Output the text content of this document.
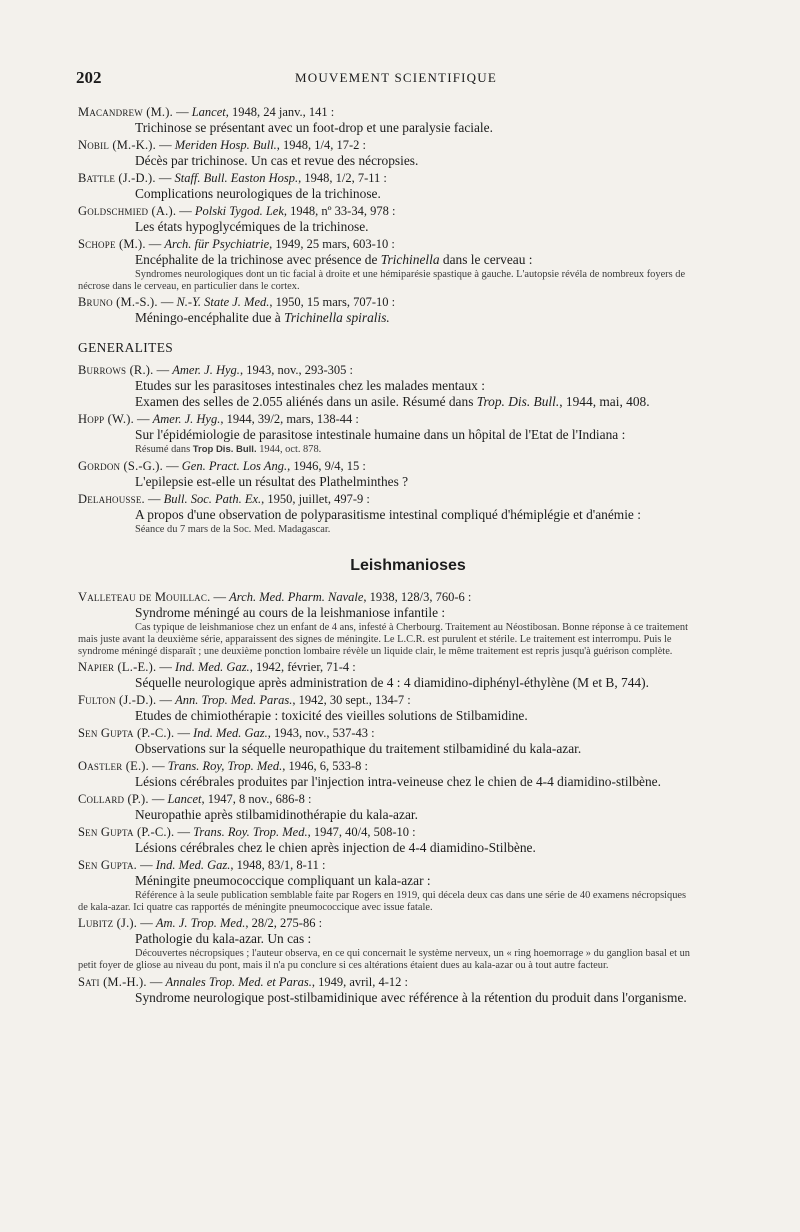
202	MOUVEMENT SCIENTIFIQUE
Macandrew (M.). — Lancet, 1948, 24 janv., 141 :

Trichinose se présentant avec un foot-drop et une paralysie faciale.

Nobil (M.-K.). — Meriden Hosp. Bull., 1948, 1/4, 17-2 :

Décès par trichinose. Un cas et revue des nécropsies.

Battle (J.-D.). — Staff. Bull. Easton Hosp., 1948, 1/2, 7-11 :

Complications neurologiques de la trichinose.

Goldschmied (A.). — Polski Tygod. Lek, 1948, nº 33-34, 978 :

Les états hypoglycémiques de la trichinose.

Schope (M.). — Arch. für Psychiatrie, 1949, 25 mars, 603-10 :

Encéphalite de la trichinose avec présence de Trichinella dans le cerveau :

Syndromes neurologiques dont un tic facial à droite et une hémiparésie spastique à gauche. L'autopsie révéla de nombreux foyers de nécrose dans le cerveau, en particulier dans le cortex.

Bruno (M.-S.). — N.-Y. State J. Med., 1950, 15 mars, 707-10 :

Méningo-encéphalite due à Trichinella spiralis.

GENERALITES
Burrows (R.). — Amer. J. Hyg., 1943, nov., 293-305 :

Etudes sur les parasitoses intestinales chez les malades mentaux :

Examen des selles de 2.055 aliénés dans un asile. Résumé dans Trop. Dis. Bull., 1944, mai, 408.

Hopp (W.). — Amer. J. Hyg., 1944, 39/2, mars, 138-44 :

Sur l'épidémiologie de parasitose intestinale humaine dans un hôpital de l'Etat de l'Indiana :

Résumé dans Trop Dis. Bull. 1944, oct. 878.

Gordon (S.-G.). — Gen. Pract. Los Ang., 1946, 9/4, 15 :

L'epilepsie est-elle un résultat des Plathelminthes ?

Delahousse. — Bull. Soc. Path. Ex., 1950, juillet, 497-9 :

A propos d'une observation de polyparasitisme intestinal compliqué d'hémiplégie et d'anémie :

Séance du 7 mars de la Soc. Med. Madagascar.

Leishmanioses
Valleteau de Mouillac. — Arch. Med. Pharm. Navale, 1938, 128/3, 760-6 :

Syndrome méningé au cours de la leishmaniose infantile :

Cas typique de leishmaniose chez un enfant de 4 ans, infesté à Cherbourg. Traitement au Néostibosan. Bonne réponse à ce traitement mais juste avant la deuxième série, apparaissent des signes de méningite. Le L.C.R. est purulent et stérile. Le traitement est interrompu. Puis le syndrome méningé disparaît ; une deuxième ponction lombaire révèle un liquide clair, le même traitement est repris jusqu'à guérison complète.

Napier (L.-E.). — Ind. Med. Gaz., 1942, février, 71-4 :

Séquelle neurologique après administration de 4 : 4 diamidino-diphényl-éthylène (M et B, 744).

Fulton (J.-D.). — Ann. Trop. Med. Paras., 1942, 30 sept., 134-7 :

Etudes de chimiothérapie : toxicité des vieilles solutions de Stilbamidine.

Sen Gupta (P.-C.). — Ind. Med. Gaz., 1943, nov., 537-43 :

Observations sur la séquelle neuropathique du traitement stilbamidiné du kala-azar.

Oastler (E.). — Trans. Roy, Trop. Med., 1946, 6, 533-8 :

Lésions cérébrales produites par l'injection intra-veineuse chez le chien de 4-4 diamidino-stilbène.

Collard (P.). — Lancet, 1947, 8 nov., 686-8 :

Neuropathie après stilbamidinothérapie du kala-azar.

Sen Gupta (P.-C.). — Trans. Roy. Trop. Med., 1947, 40/4, 508-10 :

Lésions cérébrales chez le chien après injection de 4-4 diamidino-Stilbène.

Sen Gupta. — Ind. Med. Gaz., 1948, 83/1, 8-11 :

Méningite pneumococcique compliquant un kala-azar :

Référence à la seule publication semblable faite par Rogers en 1919, qui décela deux cas dans une série de 40 examens nécropsiques de kala-azar. Ici quatre cas rapportés de méningite pneumococcique avec issue fatale.

Lubitz (J.). — Am. J. Trop. Med., 28/2, 275-86 :

Pathologie du kala-azar. Un cas :

Découvertes nécropsiques ; l'auteur observa, en ce qui concernait le système nerveux, un « ring hoemorrage » du ganglion basal et un petit foyer de gliose au niveau du pont, mais il n'a pu conclure si ces altérations étaient dues au kala-azar ou à tout autre facteur.

Sati (M.-H.). — Annales Trop. Med. et Paras., 1949, avril, 4-12 :

Syndrome neurologique post-stilbamidinique avec référence à la rétention du produit dans l'organisme.
